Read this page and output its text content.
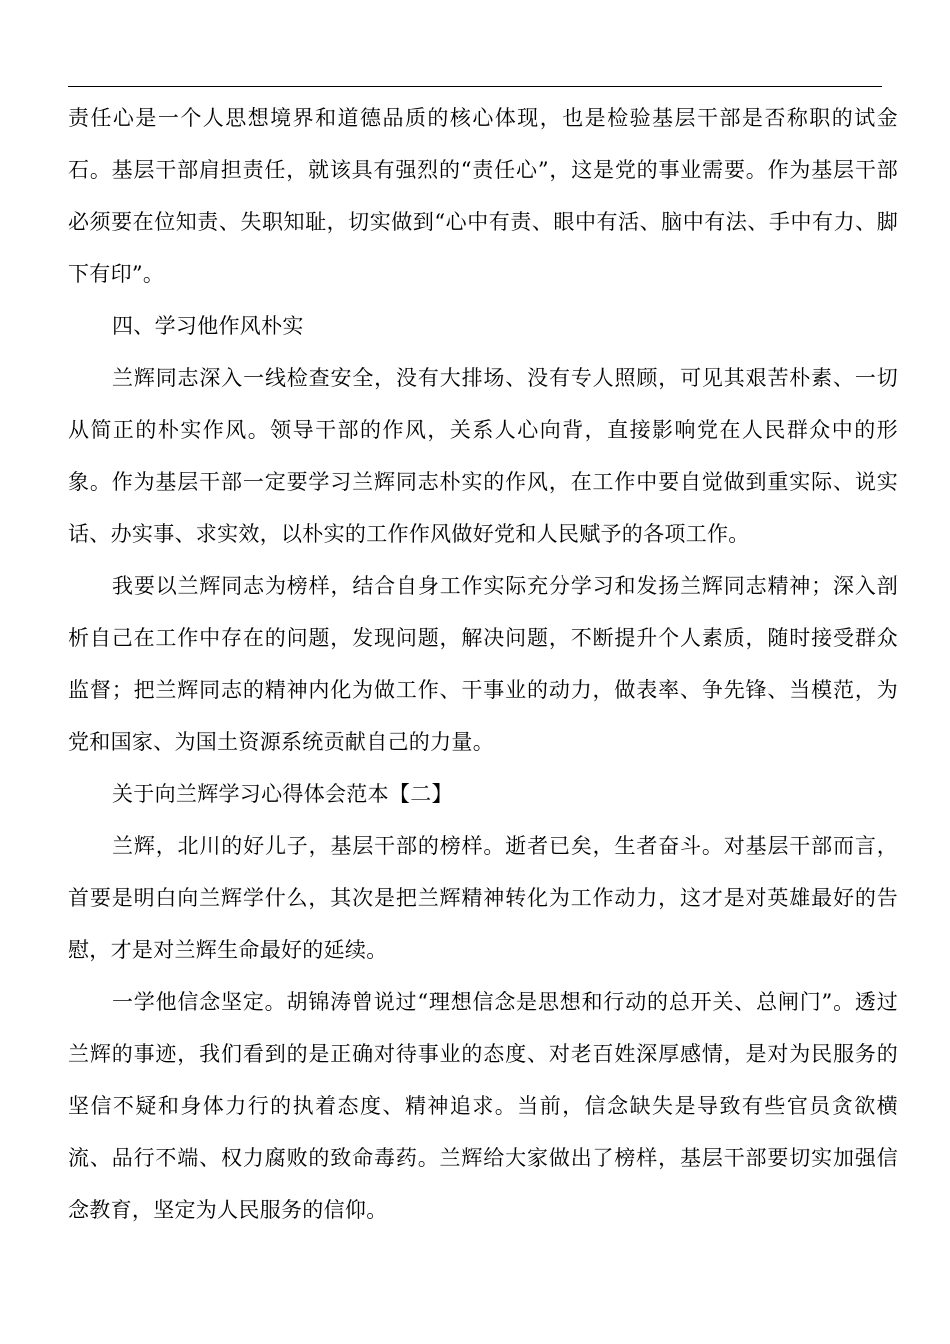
责任心是一个人思想境界和道德品质的核心体现，也是检验基层干部是否称职的试金石。基层干部肩担责任，就该具有强烈的“责任心”，这是党的事业需要。作为基层干部必须要在位知责、失职知耻，切实做到“心中有责、眼中有活、脑中有法、手中有力、脚下有印”。

四、学习他作风朴实

兰辉同志深入一线检查安全，没有大排场、没有专人照顾，可见其艰苦朴素、一切从简正的朴实作风。领导干部的作风，关系人心向背，直接影响党在人民群众中的形象。作为基层干部一定要学习兰辉同志朴实的作风，在工作中要自觉做到重实际、说实话、办实事、求实效，以朴实的工作作风做好党和人民赋予的各项工作。

我要以兰辉同志为榜样，结合自身工作实际充分学习和发扬兰辉同志精神；深入剖析自己在工作中存在的问题，发现问题，解决问题，不断提升个人素质，随时接受群众监督；把兰辉同志的精神内化为做工作、干事业的动力，做表率、争先锋、当模范，为党和国家、为国土资源系统贡献自己的力量。

关于向兰辉学习心得体会范本【二】

兰辉，北川的好儿子，基层干部的榜样。逝者已矣，生者奋斗。对基层干部而言，首要是明白向兰辉学什么，其次是把兰辉精神转化为工作动力，这才是对英雄最好的告慰，才是对兰辉生命最好的延续。

一学他信念坚定。胡锦涛曾说过“理想信念是思想和行动的总开关、总闸门”。透过兰辉的事迹，我们看到的是正确对待事业的态度、对老百姓深厚感情，是对为民服务的坚信不疑和身体力行的执着态度、精神追求。当前，信念缺失是导致有些官员贪欲横流、品行不端、权力腐败的致命毒药。兰辉给大家做出了榜样，基层干部要切实加强信念教育，坚定为人民服务的信仰。
